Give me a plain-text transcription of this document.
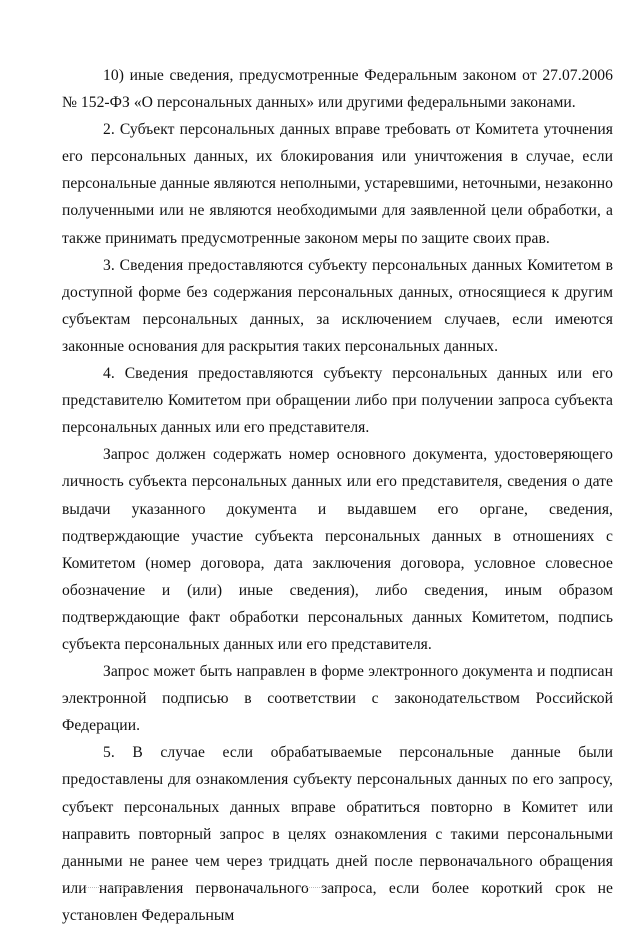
10) иные сведения, предусмотренные Федеральным законом от 27.07.2006 № 152-ФЗ «О персональных данных» или другими федеральными законами.

2. Субъект персональных данных вправе требовать от Комитета уточнения его персональных данных, их блокирования или уничтожения в случае, если персональные данные являются неполными, устаревшими, неточными, незаконно полученными или не являются необходимыми для заявленной цели обработки, а также принимать предусмотренные законом меры по защите своих прав.

3. Сведения предоставляются субъекту персональных данных Комитетом в доступной форме без содержания персональных данных, относящиеся к другим субъектам персональных данных, за исключением случаев, если имеются законные основания для раскрытия таких персональных данных.

4. Сведения предоставляются субъекту персональных данных или его представителю Комитетом при обращении либо при получении запроса субъекта персональных данных или его представителя.

Запрос должен содержать номер основного документа, удостоверяющего личность субъекта персональных данных или его представителя, сведения о дате выдачи указанного документа и выдавшем его органе, сведения, подтверждающие участие субъекта персональных данных в отношениях с Комитетом (номер договора, дата заключения договора, условное словесное обозначение и (или) иные сведения), либо сведения, иным образом подтверждающие факт обработки персональных данных Комитетом, подпись субъекта персональных данных или его представителя.

Запрос может быть направлен в форме электронного документа и подписан электронной подписью в соответствии с законодательством Российской Федерации.

5. В случае если обрабатываемые персональные данные были предоставлены для ознакомления субъекту персональных данных по его запросу, субъект персональных данных вправе обратиться повторно в Комитет или направить повторный запрос в целях ознакомления с такими персональными данными не ранее чем через тридцать дней после первоначального обращения или направления первоначального запроса, если более короткий срок не установлен Федеральным
